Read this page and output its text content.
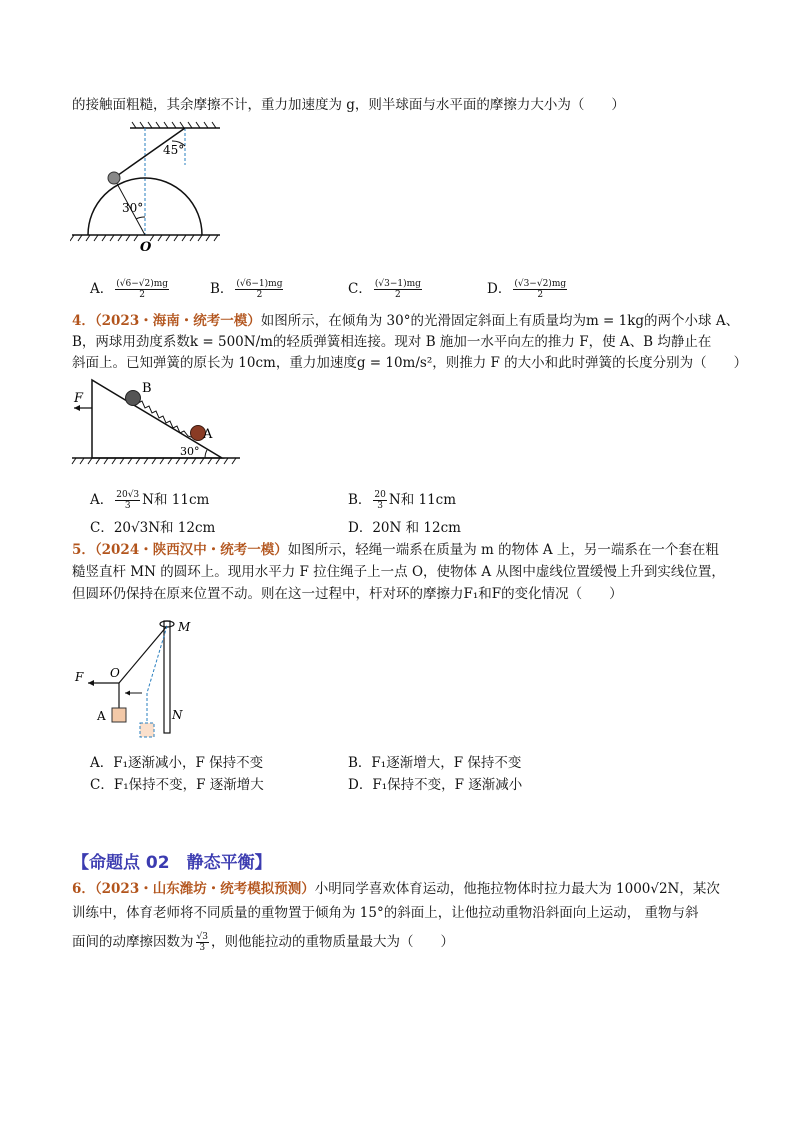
的接触面粗糙，其余摩擦不计，重力加速度为 g，则半球面与水平面的摩擦力大小为（　　）
45°
30°
O
A． $\frac{(√6-√2)mg}{2}$	B． $\frac{(√6-1)mg}{2}$	C． $\frac{(√3-1)mg}{2}$	D． $\frac{(√3-√2)mg}{2}$
4．（2023・海南・统考一模）如图所示，在倾角为 30°的光滑固定斜面上有质量均为m = 1kg的两个小球 A、
B，两球用劲度系数k = 500N/m的轻质弹簧相连接。现对 B 施加一水平向左的推力 F，使 A、B 均静止在
斜面上。已知弹簧的原长为 10cm，重力加速度g = 10m/s²，则推力 F 的大小和此时弹簧的长度分别为（　　）
F
B
A
30°
A． $\frac{20√3}{3}$ N和 11cm	B． $\frac{20}{3}$ N和 11cm
C．20√3N和 12cm	D．20N 和 12cm
5．（2024・陕西汉中・统考一模）如图所示，轻绳一端系在质量为 m 的物体 A 上，另一端系在一个套在粗
糙竖直杆 MN 的圆环上。现用水平力 F 拉住绳子上一点 O，使物体 A 从图中虚线位置缓慢上升到实线位置，
但圆环仍保持在原来位置不动。则在这一过程中，杆对环的摩擦力F₁和F的变化情况（　　）
M
N
F O
A
A．F₁逐渐减小，F 保持不变	B．F₁逐渐增大，F 保持不变
C．F₁保持不变，F 逐渐增大	D．F₁保持不变，F 逐渐减小
【命题点 02　静态平衡】
6．（2023・山东潍坊・统考模拟预测）小明同学喜欢体育运动，他拖拉物体时拉力最大为 1000√2N，某次
训练中，体育老师将不同质量的重物置于倾角为 15°的斜面上，让他拉动重物沿斜面向上运动， 重物与斜
面间的动摩擦因数为 $\frac{√3}{3}$ ，则他能拉动的重物质量最大为（　　）
